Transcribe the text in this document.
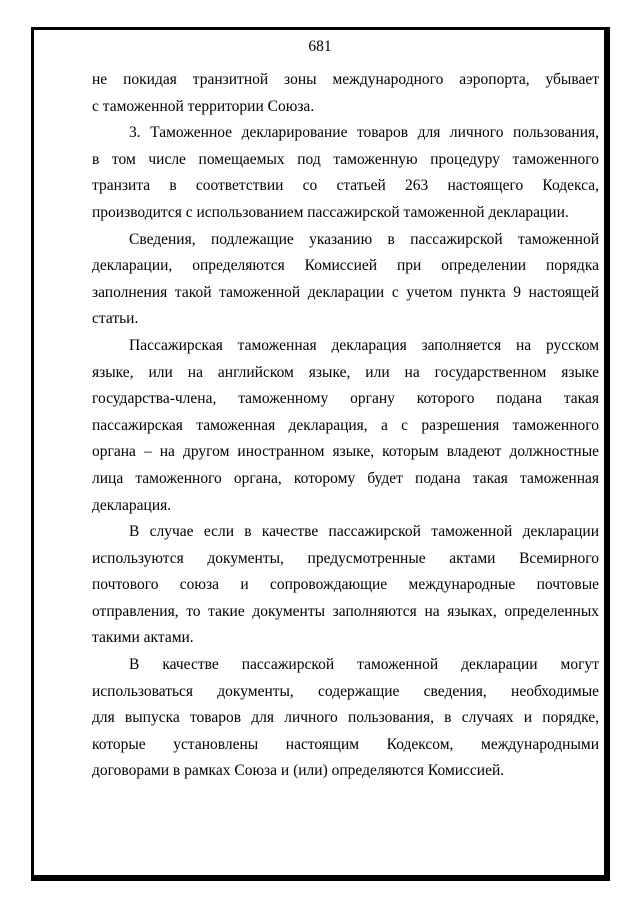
681
не покидая транзитной зоны международного аэропорта, убывает
с таможенной территории Союза.
3. Таможенное декларирование товаров для личного пользования,
в том числе помещаемых под таможенную процедуру таможенного
транзита в соответствии со статьей 263 настоящего Кодекса,
производится с использованием пассажирской таможенной декларации.
Сведения, подлежащие указанию в пассажирской таможенной
декларации, определяются Комиссией при определении порядка
заполнения такой таможенной декларации с учетом пункта 9 настоящей
статьи.
Пассажирская таможенная декларация заполняется на русском
языке, или на английском языке, или на государственном языке
государства-члена, таможенному органу которого подана такая
пассажирская таможенная декларация, а с разрешения таможенного
органа – на другом иностранном языке, которым владеют должностные
лица таможенного органа, которому будет подана такая таможенная
декларация.
В случае если в качестве пассажирской таможенной декларации
используются документы, предусмотренные актами Всемирного
почтового союза и сопровождающие международные почтовые
отправления, то такие документы заполняются на языках, определенных
такими актами.
В качестве пассажирской таможенной декларации могут
использоваться документы, содержащие сведения, необходимые
для выпуска товаров для личного пользования, в случаях и порядке,
которые установлены настоящим Кодексом, международными
договорами в рамках Союза и (или) определяются Комиссией.
